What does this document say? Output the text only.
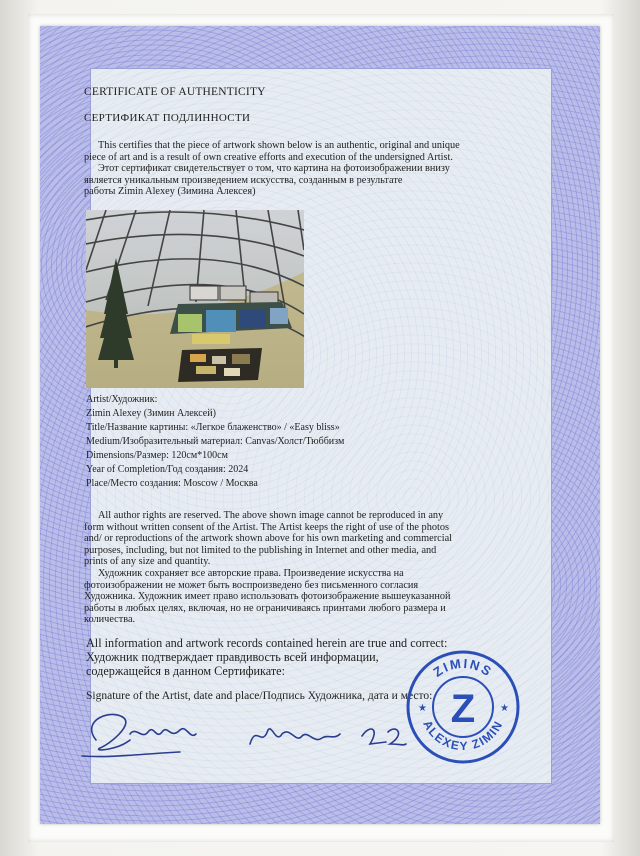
CERTIFICATE OF AUTHENTICITY
СЕРТИФИКАТ ПОДЛИННОСТИ
This certifies that the piece of artwork shown below is an authentic, original and unique
piece of art and is a result of own creative efforts and execution of the undersigned Artist.
Этот сертификат свидетельствует о том, что картина на фотоизображении внизу
является уникальным произведением искусства, созданным в результате
работы Zimin Alexey (Зимина Алексея)
Artist/Художник:
Zimin Alexey (Зимин Алексей)
Title/Название картины: «Легкое блаженство» / «Easy bliss»
Medium/Изобразительный материал: Canvas/Холст/Тюббизм
Dimensions/Размер: 120см*100см
Year of Completion/Год создания: 2024
Place/Место создания: Moscow / Москва
All author rights are reserved. The above shown image cannot be reproduced in any
form without written consent of the Artist. The Artist keeps the right of use of the photos
and/ or reproductions of the artwork shown above for his own marketing and commercial
purposes, including, but not limited to the publishing in Internet and other media, and
prints of any size and quantity.
Художник сохраняет все авторские права. Произведение искусства на
фотоизображении не может быть воспроизведено без письменного согласия
Художника. Художник имеет право использовать фотоизображение вышеуказанной
работы в любых целях, включая, но не ограничиваясь принтами любого размера и
количества.
All information and artwork records contained herein are true and correct:
Художник подтверждает правдивость всей информации,
содержащейся в данном Сертификате:
Signature of the Artist, date and place/Подпись Художника, дата и место:
ZIMINS
ALEXEY ZIMIN
Z
★	★
